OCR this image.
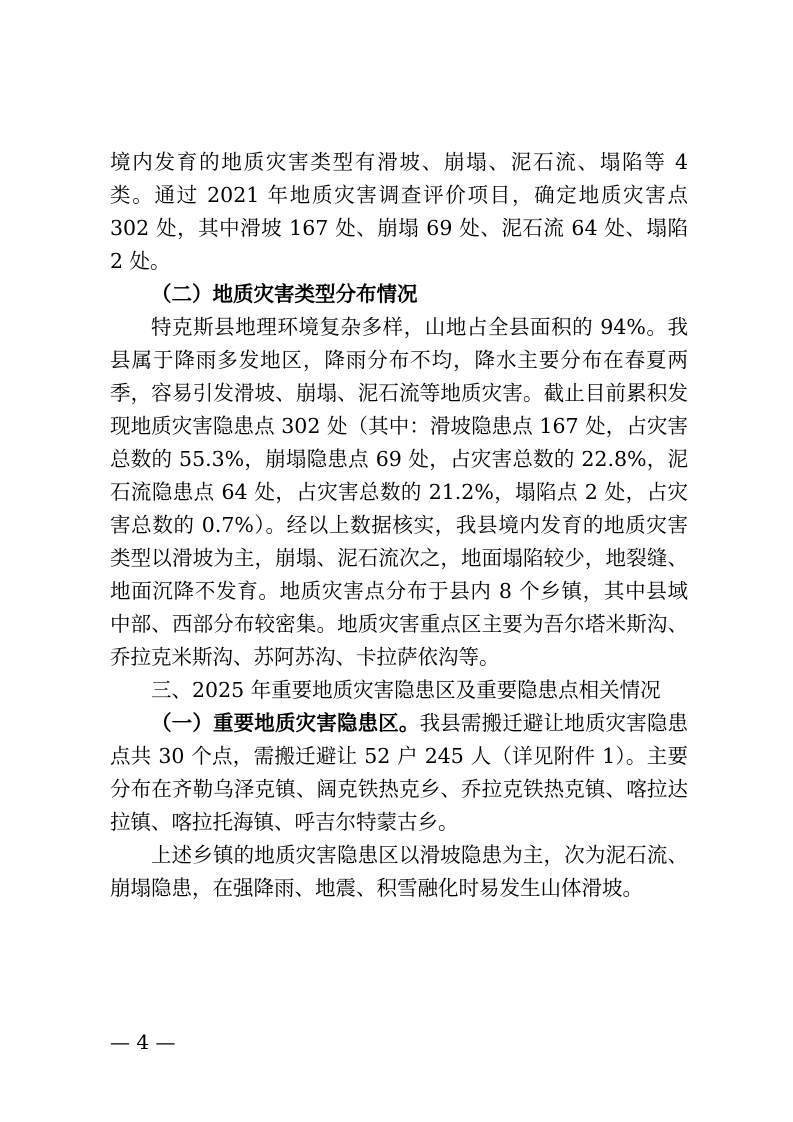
境内发育的地质灾害类型有滑坡、崩塌、泥石流、塌陷等 4 类。通过 2021 年地质灾害调查评价项目，确定地质灾害点 302 处，其中滑坡 167 处、崩塌 69 处、泥石流 64 处、塌陷 2 处。

（二）地质灾害类型分布情况

特克斯县地理环境复杂多样，山地占全县面积的 94%。我县属于降雨多发地区，降雨分布不均，降水主要分布在春夏两季，容易引发滑坡、崩塌、泥石流等地质灾害。截止目前累积发现地质灾害隐患点 302 处（其中：滑坡隐患点 167 处，占灾害总数的 55.3%，崩塌隐患点 69 处，占灾害总数的 22.8%，泥石流隐患点 64 处，占灾害总数的 21.2%，塌陷点 2 处，占灾害总数的 0.7%）。经以上数据核实，我县境内发育的地质灾害类型以滑坡为主，崩塌、泥石流次之，地面塌陷较少，地裂缝、地面沉降不发育。地质灾害点分布于县内 8 个乡镇，其中县域中部、西部分布较密集。地质灾害重点区主要为吾尔塔米斯沟、乔拉克米斯沟、苏阿苏沟、卡拉萨依沟等。

三、2025 年重要地质灾害隐患区及重要隐患点相关情况

（一）重要地质灾害隐患区。我县需搬迁避让地质灾害隐患点共 30 个点，需搬迁避让 52 户 245 人（详见附件 1）。主要分布在齐勒乌泽克镇、阔克铁热克乡、乔拉克铁热克镇、喀拉达拉镇、喀拉托海镇、呼吉尔特蒙古乡。

上述乡镇的地质灾害隐患区以滑坡隐患为主，次为泥石流、崩塌隐患，在强降雨、地震、积雪融化时易发生山体滑坡。

— 4 —
